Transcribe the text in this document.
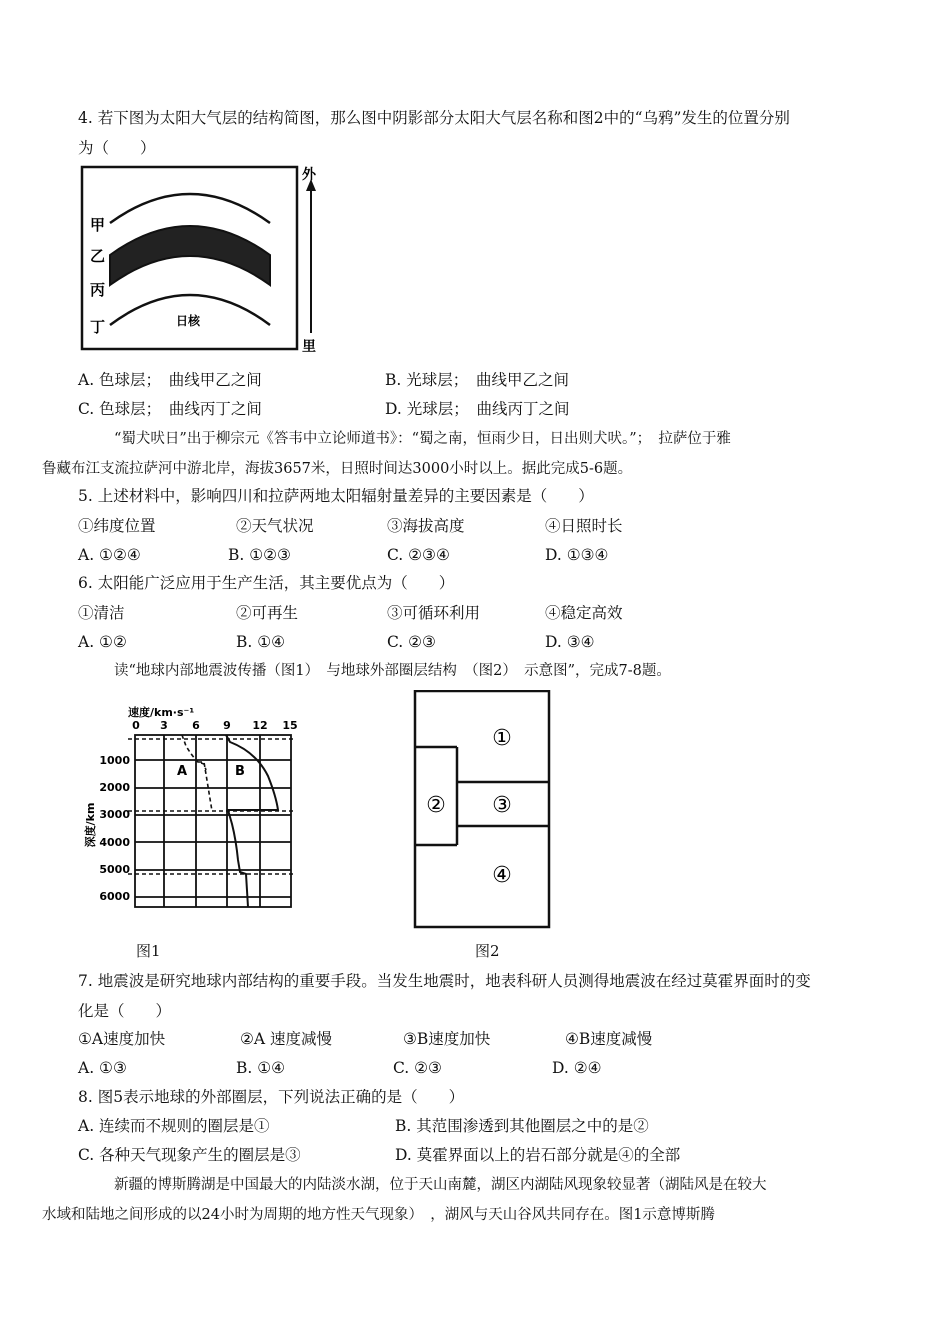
4. 若下图为太阳大气层的结构简图，那么图中阴影部分太阳大气层名称和图2中的“乌鸦”发生的位置分别
为（　　）
甲
乙
丙
丁	日核
外
里
A. 色球层；　曲线甲乙之间	B. 光球层；　曲线甲乙之间
C. 色球层；　曲线丙丁之间	D. 光球层；　曲线丙丁之间
“蜀犬吠日”出于柳宗元《答韦中立论师道书》：“蜀之南，恒雨少日，日出则犬吠。”；　拉萨位于雅
鲁藏布江支流拉萨河中游北岸，海拔3657米，日照时间达3000小时以上。据此完成5-6题。
5. 上述材料中，影响四川和拉萨两地太阳辐射量差异的主要因素是（　　）
①纬度位置	②天气状况	③海拔高度	④日照时长
A. ①②④	B. ①②③	C. ②③④	D. ①③④
6. 太阳能广泛应用于生产生活，其主要优点为（　　）
①清洁	②可再生	③可循环利用	④稳定高效
A. ①②	B. ①④	C. ②③	D. ③④
读“地球内部地震波传播（图1）　与地球外部圈层结构　（图2）　示意图”，完成7-8题。
速度/km·s⁻¹
0 3 6 9 12 15
1000
2000
3000
4000
5000
6000
深度/km
A	B
①
② ③
④
图1	图2
7. 地震波是研究地球内部结构的重要手段。当发生地震时，地表科研人员测得地震波在经过莫霍界面时的变
化是（　　）
①A速度加快	②A 速度减慢	③B速度加快	④B速度减慢
A. ①③	B. ①④	C. ②③	D. ②④
8. 图5表示地球的外部圈层，下列说法正确的是（　　）
A. 连续而不规则的圈层是①	B. 其范围渗透到其他圈层之中的是②
C. 各种天气现象产生的圈层是③	D. 莫霍界面以上的岩石部分就是④的全部
新疆的博斯腾湖是中国最大的内陆淡水湖，位于天山南麓，湖区内湖陆风现象较显著（湖陆风是在较大
水域和陆地之间形成的以24小时为周期的地方性天气现象）　，湖风与天山谷风共同存在。图1示意博斯腾
